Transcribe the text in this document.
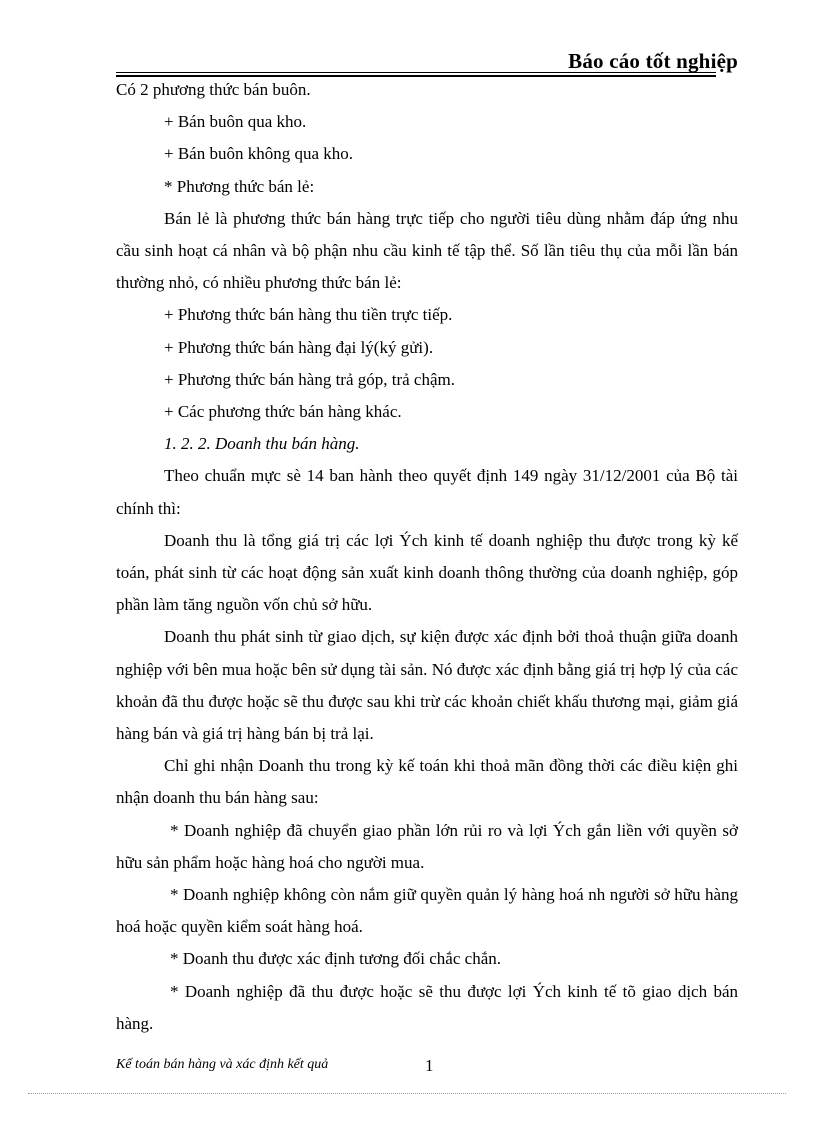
Báo cáo tốt nghiệp

Có 2 phương thức bán buôn.

+ Bán buôn qua kho.

+ Bán buôn không qua kho.

* Phương thức bán lẻ:

Bán lẻ là phương thức bán hàng trực tiếp cho người tiêu dùng nhằm đáp ứng nhu cầu sinh hoạt cá nhân và bộ phận nhu cầu kinh tế tập thể. Số lần tiêu thụ của mỗi lần bán thường nhỏ, có nhiều phương thức bán lẻ:

+ Phương thức bán hàng thu tiền trực tiếp.

+ Phương thức bán hàng đại lý(ký gửi).

+ Phương thức bán hàng trả góp, trả chậm.

+ Các phương thức bán hàng khác.

1. 2. 2. Doanh thu bán hàng.

Theo chuẩn mực sè 14 ban hành theo quyết định 149 ngày 31/12/2001 của Bộ tài chính thì:

Doanh thu là tổng giá trị các lợi Ých kinh tế doanh nghiệp thu được trong kỳ kế toán, phát sinh từ các hoạt động sản xuất kinh doanh thông thường của doanh nghiệp, góp phần làm tăng nguồn vốn chủ sở hữu.

Doanh thu phát sinh từ giao dịch, sự kiện được xác định bởi thoả thuận giữa doanh nghiệp với bên mua hoặc bên sử dụng tài sản. Nó được xác định bằng giá trị hợp lý của các khoản đã thu được hoặc sẽ thu được sau khi trừ các khoản chiết khấu thương mại, giảm giá hàng bán và giá trị hàng bán bị trả lại.

Chỉ ghi nhận Doanh thu trong kỳ kế toán khi thoả mãn đồng thời các điều kiện ghi nhận doanh thu bán hàng sau:

* Doanh nghiệp đã chuyển giao phần lớn rủi ro và lợi Ých gắn liền với quyền sở hữu sản phẩm hoặc hàng hoá cho người mua.

* Doanh nghiệp không còn nắm giữ quyền quản lý hàng hoá nh người sở hữu hàng hoá hoặc quyền kiểm soát hàng hoá.

* Doanh thu được xác định tương đối chắc chắn.

* Doanh nghiệp đã thu được hoặc sẽ thu được lợi Ých kinh tế tõ giao dịch bán hàng.

Kế toán bán hàng và xác định kết quả	1
